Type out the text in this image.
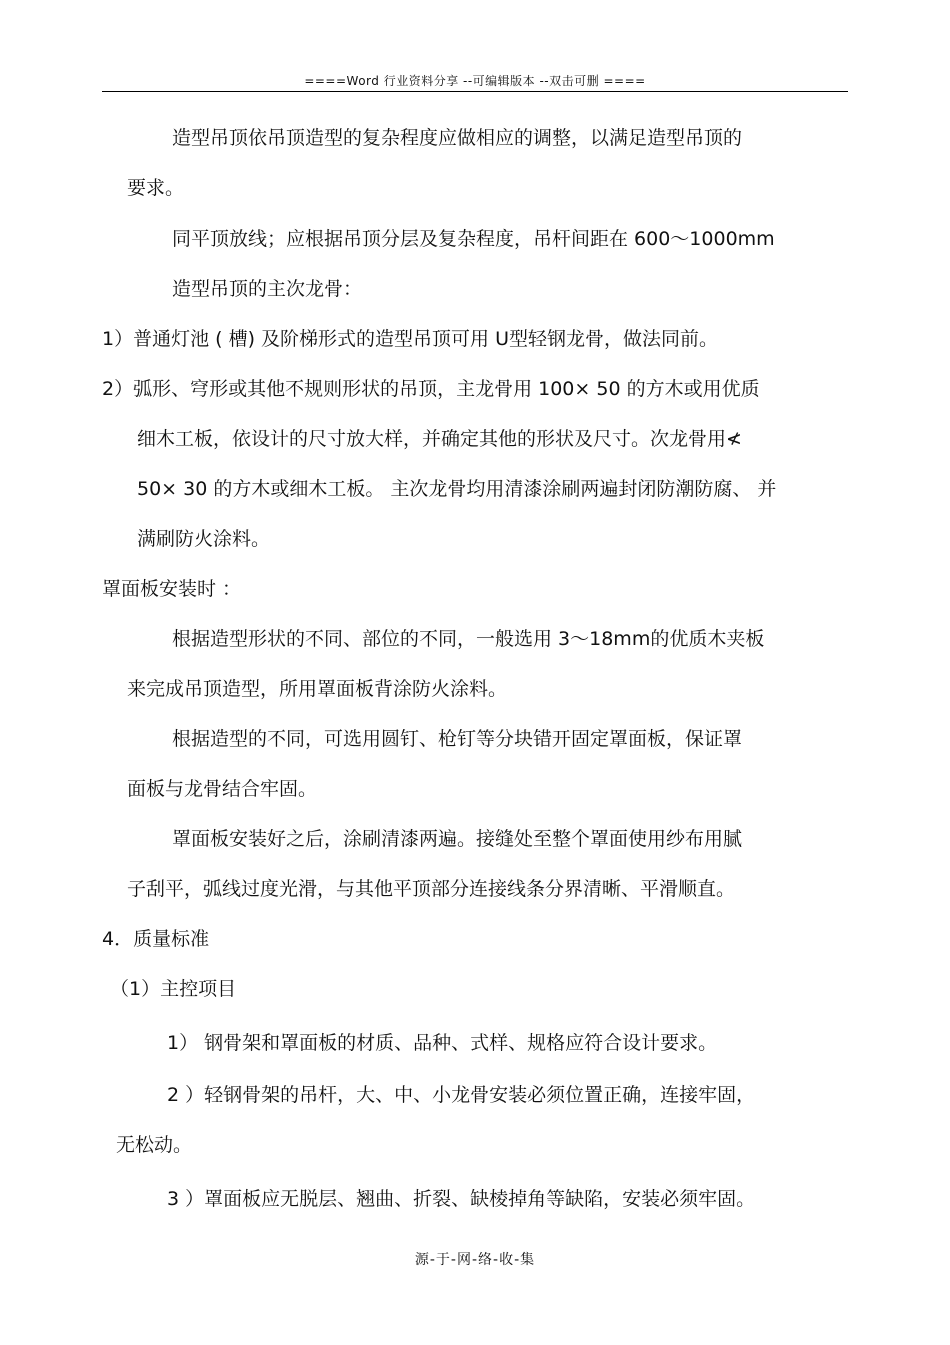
====Word 行业资料分享 --可编辑版本 --双击可删 ====
造型吊顶依吊顶造型的复杂程度应做相应的调整，以满足造型吊顶的
要求。
同平顶放线；应根据吊顶分层及复杂程度，吊杆间距在 600～1000mm
造型吊顶的主次龙骨：
1）普通灯池 ( 槽) 及阶梯形式的造型吊顶可用 U型轻钢龙骨，做法同前。
2）弧形、穹形或其他不规则形状的吊顶，主龙骨用 100× 50 的方木或用优质
细木工板，依设计的尺寸放大样，并确定其他的形状及尺寸。次龙骨用≮
50× 30 的方木或细木工板。 主次龙骨均用清漆涂刷两遍封闭防潮防腐、 并
满刷防火涂料。
罩面板安装时 ：
根据造型形状的不同、部位的不同，一般选用 3～18mm的优质木夹板
来完成吊顶造型，所用罩面板背涂防火涂料。
根据造型的不同，可选用圆钉、枪钉等分块错开固定罩面板，保证罩
面板与龙骨结合牢固。
罩面板安装好之后，涂刷清漆两遍。接缝处至整个罩面使用纱布用腻
子刮平，弧线过度光滑，与其他平顶部分连接线条分界清晰、平滑顺直。
4．质量标准
（1）主控项目
1） 钢骨架和罩面板的材质、品种、式样、规格应符合设计要求。
2 ）轻钢骨架的吊杆，大、中、小龙骨安装必须位置正确，连接牢固，
无松动。
3 ）罩面板应无脱层、翘曲、折裂、缺棱掉角等缺陷，安装必须牢固。
源-于-网-络-收-集
